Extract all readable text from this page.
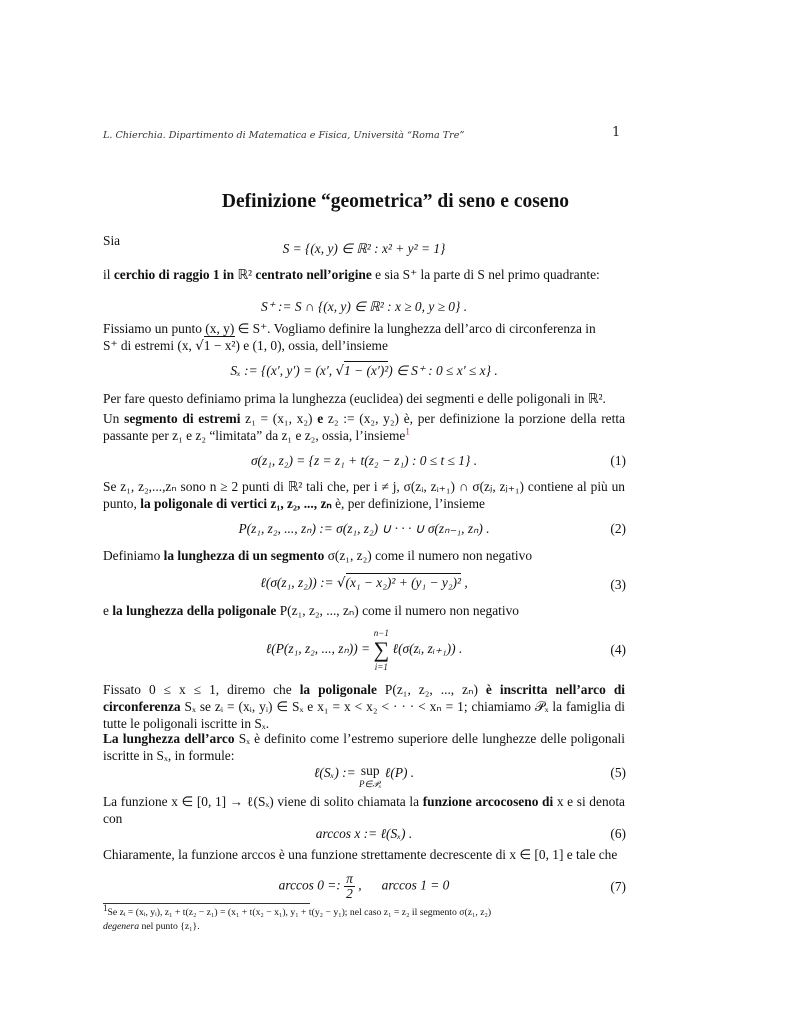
L. Chierchia. Dipartimento di Matematica e Fisica, Università “Roma Tre”	1
Definizione “geometrica” di seno e coseno
Sia
S = {(x, y) ∈ ℝ² : x² + y² = 1}
il cerchio di raggio 1 in ℝ² centrato nell’origine e sia S⁺ la parte di S nel primo quadrante:
S⁺ := S ∩ {(x, y) ∈ ℝ² : x ≥ 0, y ≥ 0} .
Fissiamo un punto (x, y) ∈ S⁺. Vogliamo definire la lunghezza dell’arco di circonferenza in
S⁺ di estremi (x, √1 − x²) e (1, 0), ossia, dell’insieme
Sₓ := {(x′, y′) = (x′, √1 − (x′)²) ∈ S⁺ : 0 ≤ x′ ≤ x} .
Per fare questo definiamo prima la lunghezza (euclidea) dei segmenti e delle poligonali in ℝ².
Un segmento di estremi z₁ = (x₁, x₂) e z₂ := (x₂, y₂) è, per definizione la porzione della retta passante per z₁ e z₂ “limitata” da z₁ e z₂, ossia, l’insieme$^1$
σ(z₁, z₂) = {z = z₁ + t(z₂ − z₁) : 0 ≤ t ≤ 1} .	(1)
Se z₁, z₂,...,zₙ sono n ≥ 2 punti di ℝ² tali che, per i ≠ j, σ(zᵢ, zᵢ₊₁) ∩ σ(zⱼ, zⱼ₊₁) contiene al più un punto, la poligonale di vertici z₁, z₂, ..., zₙ è, per definizione, l’insieme
P(z₁, z₂, ..., zₙ) := σ(z₁, z₂) ∪ · · · ∪ σ(zₙ₋₁, zₙ) .	(2)
Definiamo la lunghezza di un segmento σ(z₁, z₂) come il numero non negativo
ℓ(σ(z₁, z₂)) := √(x₁ − x₂)² + (y₁ − y₂)² ,	(3)
e la lunghezza della poligonale P(z₁, z₂, ..., zₙ) come il numero non negativo
ℓ(P(z₁, z₂, ..., zₙ)) =
n−1
∑
i=1
ℓ(σ(zᵢ, zᵢ₊₁)) .	(4)
Fissato 0 ≤ x ≤ 1, diremo che la poligonale P(z₁, z₂, ..., zₙ) è inscritta nell’arco di circonferenza Sₓ se zᵢ = (xᵢ, yᵢ) ∈ Sₓ e x₁ = x < x₂ < · · · < xₙ = 1; chiamiamo 𝒫ₓ la famiglia di tutte le poligonali iscritte in Sₓ.
La lunghezza dell’arco Sₓ è definito come l’estremo superiore delle lunghezze delle poligonali iscritte in Sₓ, in formule:
ℓ(Sₓ) := sup
P∈𝒫ₓ
ℓ(P) .	(5)
La funzione x ∈ [0, 1] → ℓ(Sₓ) viene di solito chiamata la funzione arcocoseno di x e si denota con
arccos x := ℓ(Sₓ) .	(6)
Chiaramente, la funzione arccos è una funzione strettamente decrescente di x ∈ [0, 1] e tale che
arccos 0 =: $\frac{\pi}{2}$ , arccos 1 = 0	(7)
$^1$Se zᵢ = (xᵢ, yᵢ), z₁ + t(z₂ − z₁) = (x₁ + t(x₂ − x₁), y₁ + t(y₂ − y₁); nel caso z₁ = z₂ il segmento σ(z₁, z₂)
degenera nel punto {z₁}.
